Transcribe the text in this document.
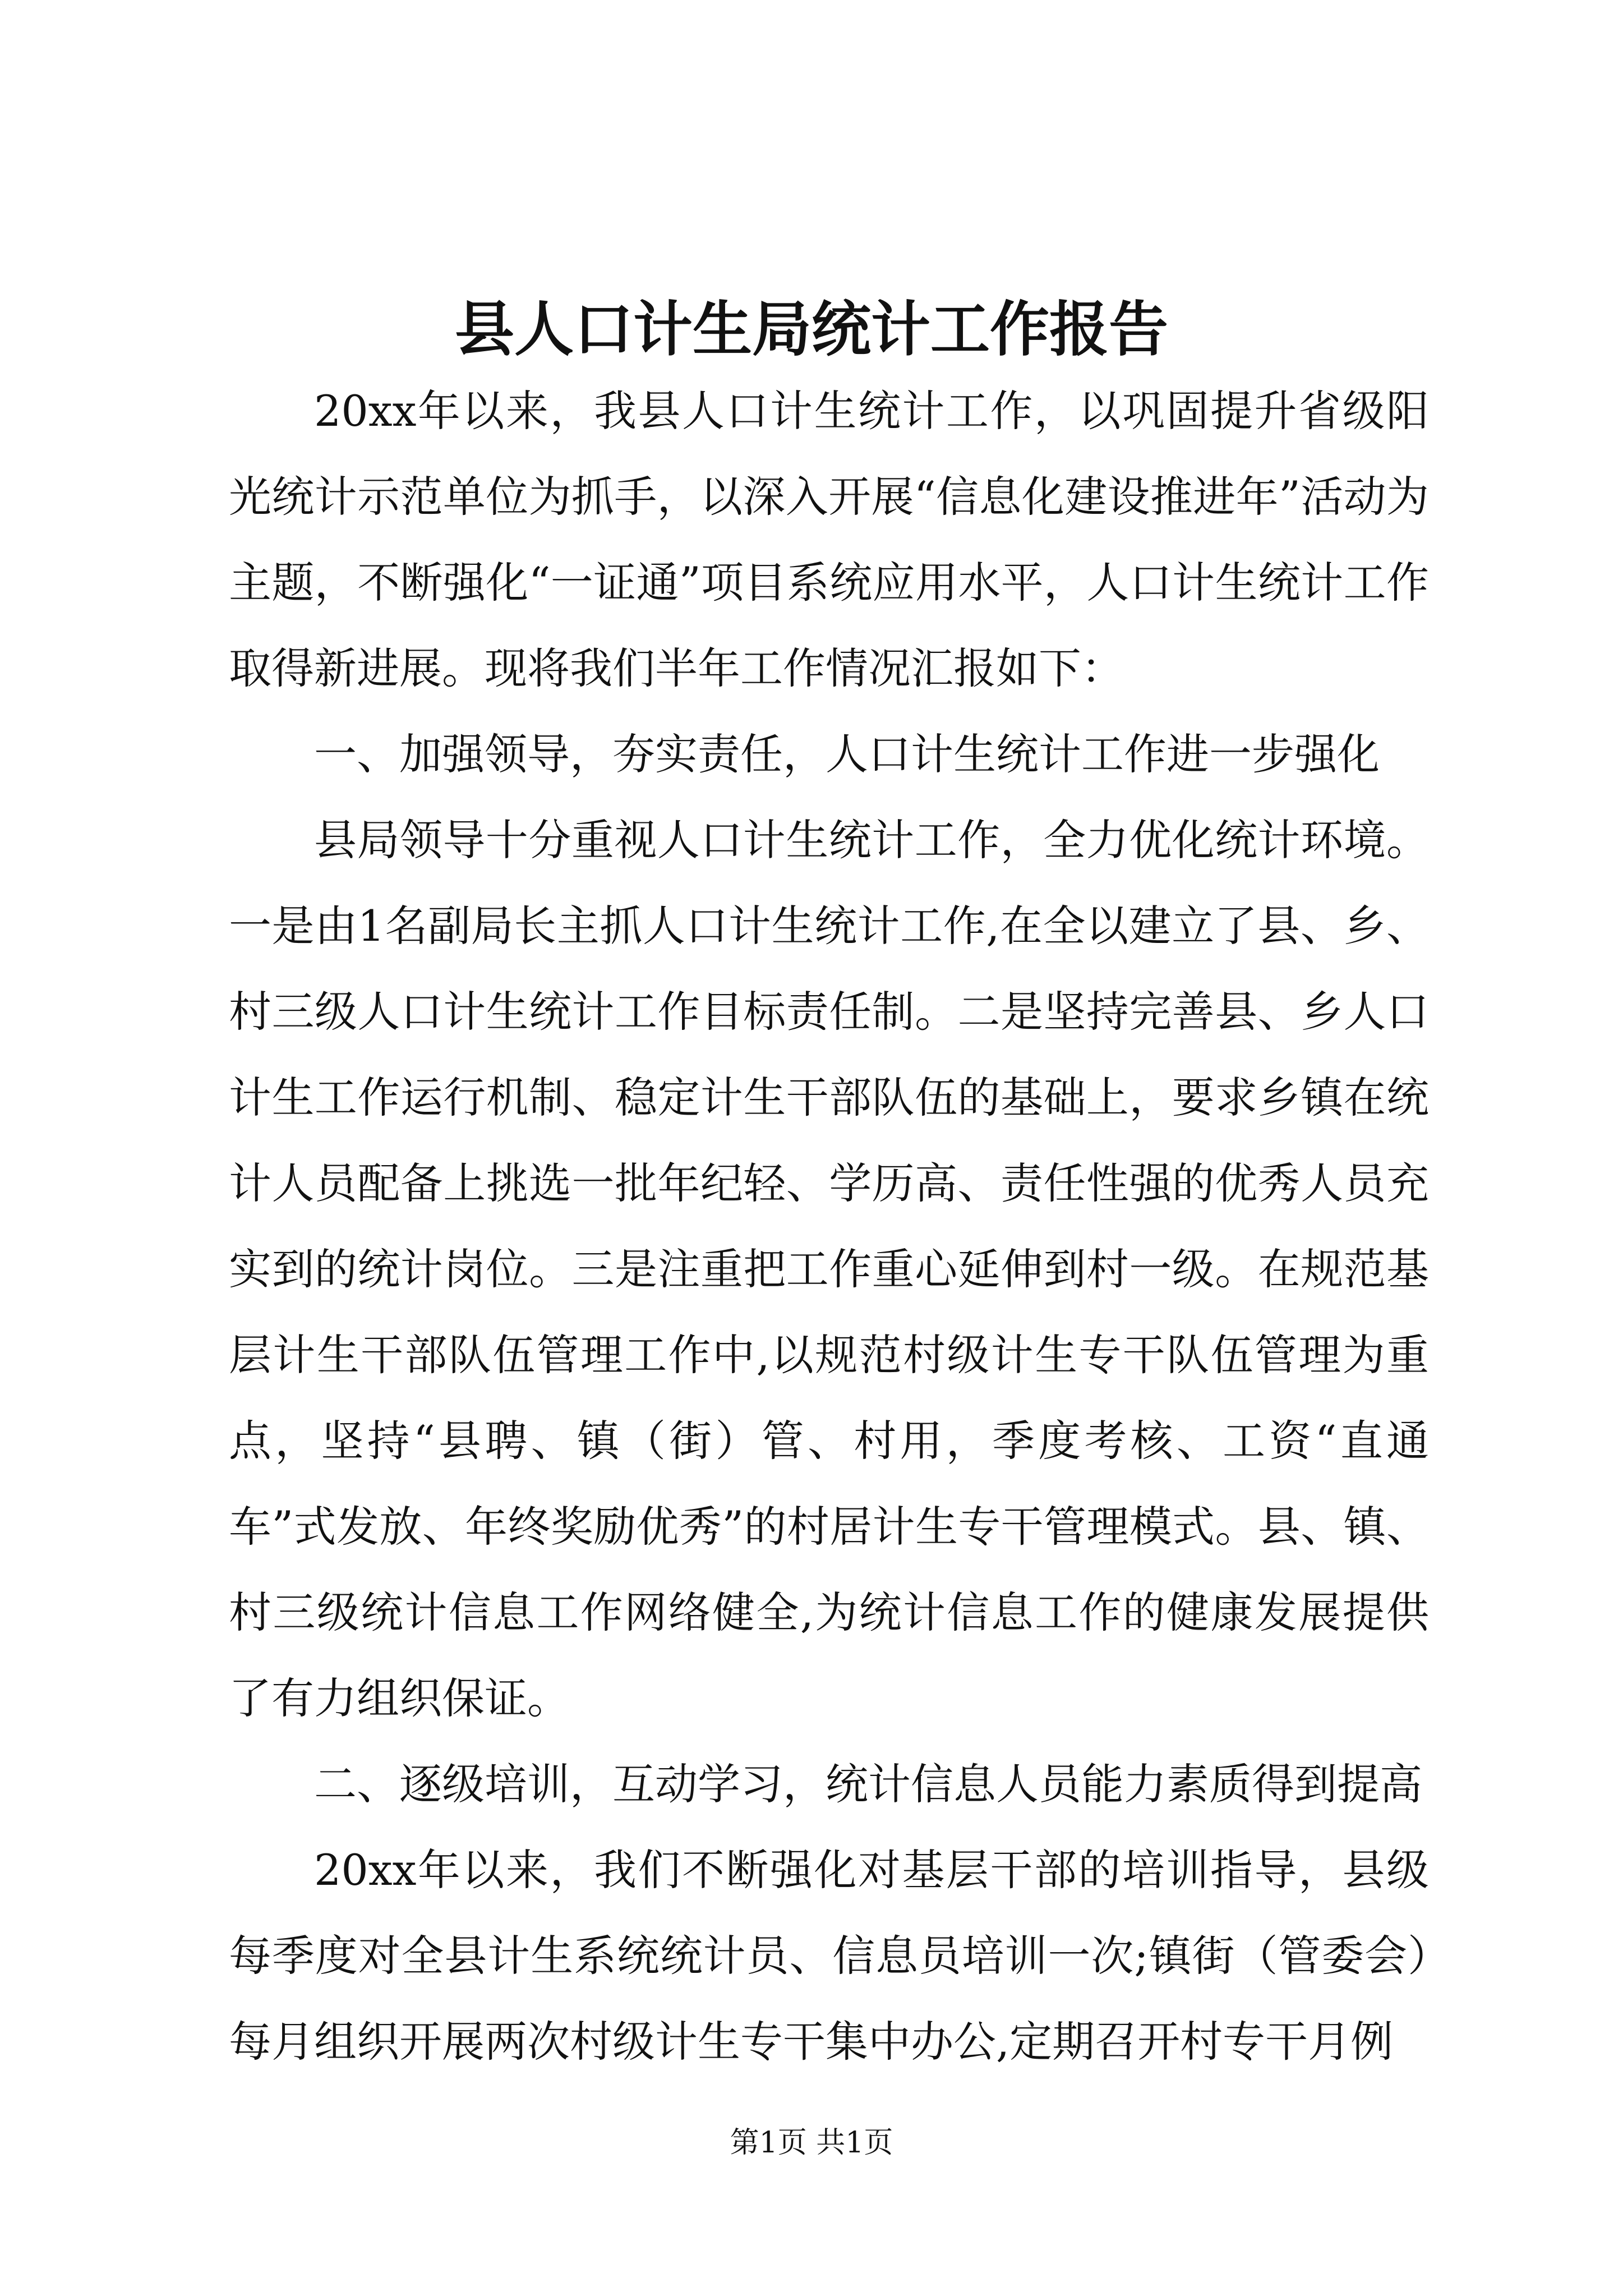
县人口计生局统计工作报告

20xx年以来，我县人口计生统计工作，以巩固提升省级阳光统计示范单位为抓手，以深入开展“信息化建设推进年”活动为主题，不断强化“一证通”项目系统应用水平，人口计生统计工作取得新进展。现将我们半年工作情况汇报如下：

一、加强领导，夯实责任，人口计生统计工作进一步强化

县局领导十分重视人口计生统计工作，全力优化统计环境。一是由1名副局长主抓人口计生统计工作,在全以建立了县、乡、村三级人口计生统计工作目标责任制。二是坚持完善县、乡人口计生工作运行机制、稳定计生干部队伍的基础上，要求乡镇在统计人员配备上挑选一批年纪轻、学历高、责任性强的优秀人员充实到的统计岗位。三是注重把工作重心延伸到村一级。在规范基层计生干部队伍管理工作中,以规范村级计生专干队伍管理为重点，坚持“县聘、镇（街）管、村用，季度考核、工资“直通车”式发放、年终奖励优秀”的村居计生专干管理模式。县、镇、村三级统计信息工作网络健全,为统计信息工作的健康发展提供了有力组织保证。

二、逐级培训，互动学习，统计信息人员能力素质得到提高

20xx年以来，我们不断强化对基层干部的培训指导，县级每季度对全县计生系统统计员、信息员培训一次;镇街（管委会）每月组织开展两次村级计生专干集中办公,定期召开村专干月例

第1页 共1页
